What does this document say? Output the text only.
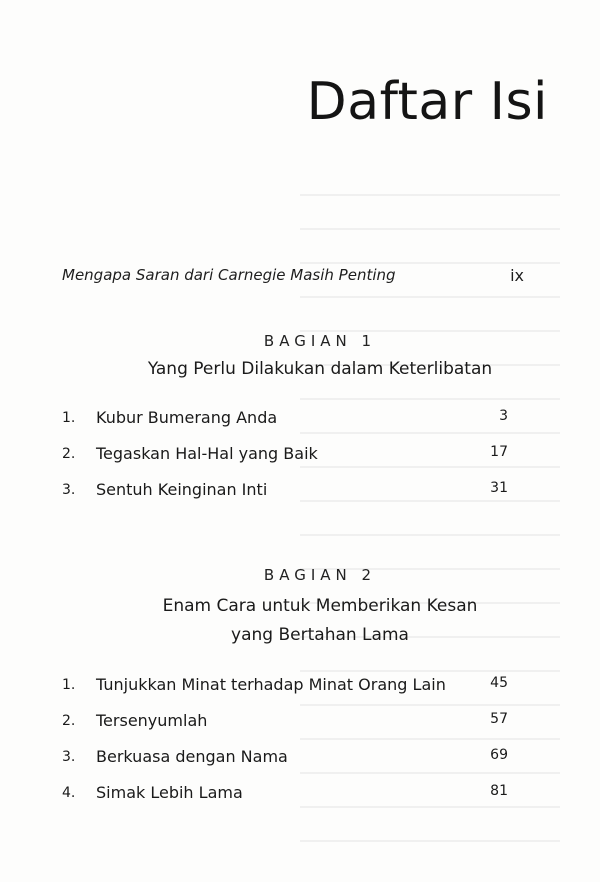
Daftar Isi
Mengapa Saran dari Carnegie Masih Penting	ix
BAGIAN 1
Yang Perlu Dilakukan dalam Keterlibatan
1. Kubur Bumerang Anda	3
2. Tegaskan Hal-Hal yang Baik	17
3. Sentuh Keinginan Inti	31
BAGIAN 2
Enam Cara untuk Memberikan Kesan
yang Bertahan Lama
1. Tunjukkan Minat terhadap Minat Orang Lain	45
2. Tersenyumlah	57
3. Berkuasa dengan Nama	69
4. Simak Lebih Lama	81
